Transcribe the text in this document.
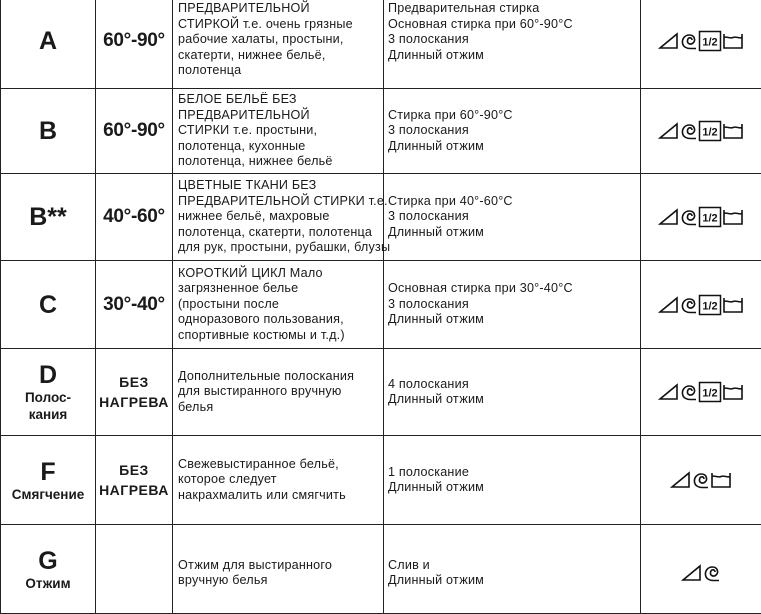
A	60°-90°	ПРЕДВАРИТЕЛЬНОЙ
СТИРКОЙ т.е. очень грязные
рабочие халаты, простыни,
скатерти, нижнее бельё,
полотенца	Предварительная стирка
Основная стирка при 60°-90°C
3 полоскания
Длинный отжим	1/2

B	60°-90°	БЕЛОЕ БЕЛЬЁ БЕЗ
ПРЕДВАРИТЕЛЬНОЙ
СТИРКИ т.е. простыни,
полотенца, кухонные
полотенца, нижнее бельё	Стирка при 60°-90°C
3 полоскания
Длинный отжим	1/2

B**	40°-60°	ЦВЕТНЫЕ ТКАНИ БЕЗ
ПРЕДВАРИТЕЛЬНОЙ СТИРКИ т.е.
нижнее бельё, махровые
полотенца, скатерти, полотенца
для рук, простыни, рубашки, блузы	Стирка при 40°-60°C
3 полоскания
Длинный отжим	1/2

C	30°-40°	КОРОТКИЙ ЦИКЛ Мало
загрязненное белье
(простыни после
одноразового пользования,
спортивные костюмы и т.д.)	Основная стирка при 30°-40°C
3 полоскания
Длинный отжим	1/2

D
Полос-
кания	БЕЗ
НАГРЕВА	Дополнительные полоскания
для выстиранного вручную
белья	4 полоскания
Длинный отжим	1/2

F
Смягчение	БЕЗ
НАГРЕВА	Свежевыстиранное бельё,
которое следует
накрахмалить или смягчить	1 полоскание
Длинный отжим

G
Отжим		Отжим для выстиранного
вручную белья	Слив и
Длинный отжим
